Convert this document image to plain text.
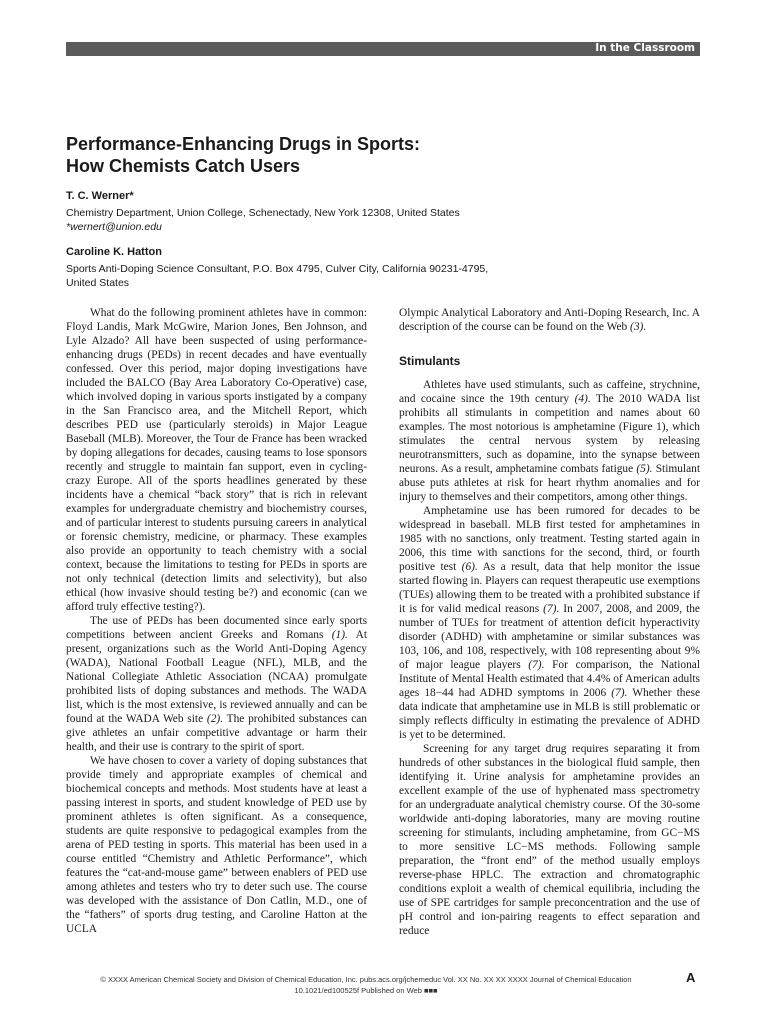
In the Classroom
Performance-Enhancing Drugs in Sports:
How Chemists Catch Users

T. C. Werner*

Chemistry Department, Union College, Schenectady, New York 12308, United States
*wernert@union.edu

Caroline K. Hatton

Sports Anti-Doping Science Consultant, P.O. Box 4795, Culver City, California 90231-4795,
United States

What do the following prominent athletes have in common: Floyd Landis, Mark McGwire, Marion Jones, Ben Johnson, and Lyle Alzado? All have been suspected of using performance-enhancing drugs (PEDs) in recent decades and have eventually confessed. Over this period, major doping investigations have included the BALCO (Bay Area Laboratory Co-Operative) case, which involved doping in various sports instigated by a company in the San Francisco area, and the Mitchell Report, which describes PED use (particularly steroids) in Major League Baseball (MLB). Moreover, the Tour de France has been wracked by doping allegations for decades, causing teams to lose sponsors recently and struggle to maintain fan support, even in cycling-crazy Europe. All of the sports headlines generated by these incidents have a chemical “back story” that is rich in relevant examples for undergraduate chemistry and biochemistry courses, and of particular interest to students pursuing careers in analytical or forensic chemistry, medicine, or pharmacy. These examples also provide an opportunity to teach chemistry with a social context, because the limitations to testing for PEDs in sports are not only technical (detection limits and selectivity), but also ethical (how invasive should testing be?) and economic (can we afford truly effective testing?).

The use of PEDs has been documented since early sports competitions between ancient Greeks and Romans (1). At present, organizations such as the World Anti-Doping Agency (WADA), National Football League (NFL), MLB, and the National Collegiate Athletic Association (NCAA) promulgate prohibited lists of doping substances and methods. The WADA list, which is the most extensive, is reviewed annually and can be found at the WADA Web site (2). The prohibited substances can give athletes an unfair competitive advantage or harm their health, and their use is contrary to the spirit of sport.

We have chosen to cover a variety of doping substances that provide timely and appropriate examples of chemical and biochemical concepts and methods. Most students have at least a passing interest in sports, and student knowledge of PED use by prominent athletes is often significant. As a consequence, students are quite responsive to pedagogical examples from the arena of PED testing in sports. This material has been used in a course entitled “Chemistry and Athletic Performance”, which features the “cat-and-mouse game” between enablers of PED use among athletes and testers who try to deter such use. The course was developed with the assistance of Don Catlin, M.D., one of the “fathers” of sports drug testing, and Caroline Hatton at the UCLA

Olympic Analytical Laboratory and Anti-Doping Research, Inc. A description of the course can be found on the Web (3).

Stimulants

Athletes have used stimulants, such as caffeine, strychnine, and cocaine since the 19th century (4). The 2010 WADA list prohibits all stimulants in competition and names about 60 examples. The most notorious is amphetamine (Figure 1), which stimulates the central nervous system by releasing neurotransmitters, such as dopamine, into the synapse between neurons. As a result, amphetamine combats fatigue (5). Stimulant abuse puts athletes at risk for heart rhythm anomalies and for injury to themselves and their competitors, among other things.

Amphetamine use has been rumored for decades to be widespread in baseball. MLB first tested for amphetamines in 1985 with no sanctions, only treatment. Testing started again in 2006, this time with sanctions for the second, third, or fourth positive test (6). As a result, data that help monitor the issue started flowing in. Players can request therapeutic use exemptions (TUEs) allowing them to be treated with a prohibited substance if it is for valid medical reasons (7). In 2007, 2008, and 2009, the number of TUEs for treatment of attention deficit hyperactivity disorder (ADHD) with amphetamine or similar substances was 103, 106, and 108, respectively, with 108 representing about 9% of major league players (7). For comparison, the National Institute of Mental Health estimated that 4.4% of American adults ages 18−44 had ADHD symptoms in 2006 (7). Whether these data indicate that amphetamine use in MLB is still problematic or simply reflects difficulty in estimating the prevalence of ADHD is yet to be determined.

Screening for any target drug requires separating it from hundreds of other substances in the biological fluid sample, then identifying it. Urine analysis for amphetamine provides an excellent example of the use of hyphenated mass spectrometry for an undergraduate analytical chemistry course. Of the 30-some worldwide anti-doping laboratories, many are moving routine screening for stimulants, including amphetamine, from GC−MS to more sensitive LC−MS methods. Following sample preparation, the “front end” of the method usually employs reverse-phase HPLC. The extraction and chromatographic conditions exploit a wealth of chemical equilibria, including the use of SPE cartridges for sample preconcentration and the use of pH control and ion-pairing reagents to effect separation and reduce

© XXXX American Chemical Society and Division of Chemical Education, Inc. pubs.acs.org/jchemeduc Vol. XX No. XX XX XXXX Journal of Chemical Education
10.1021/ed100525f Published on Web ■■■
A
